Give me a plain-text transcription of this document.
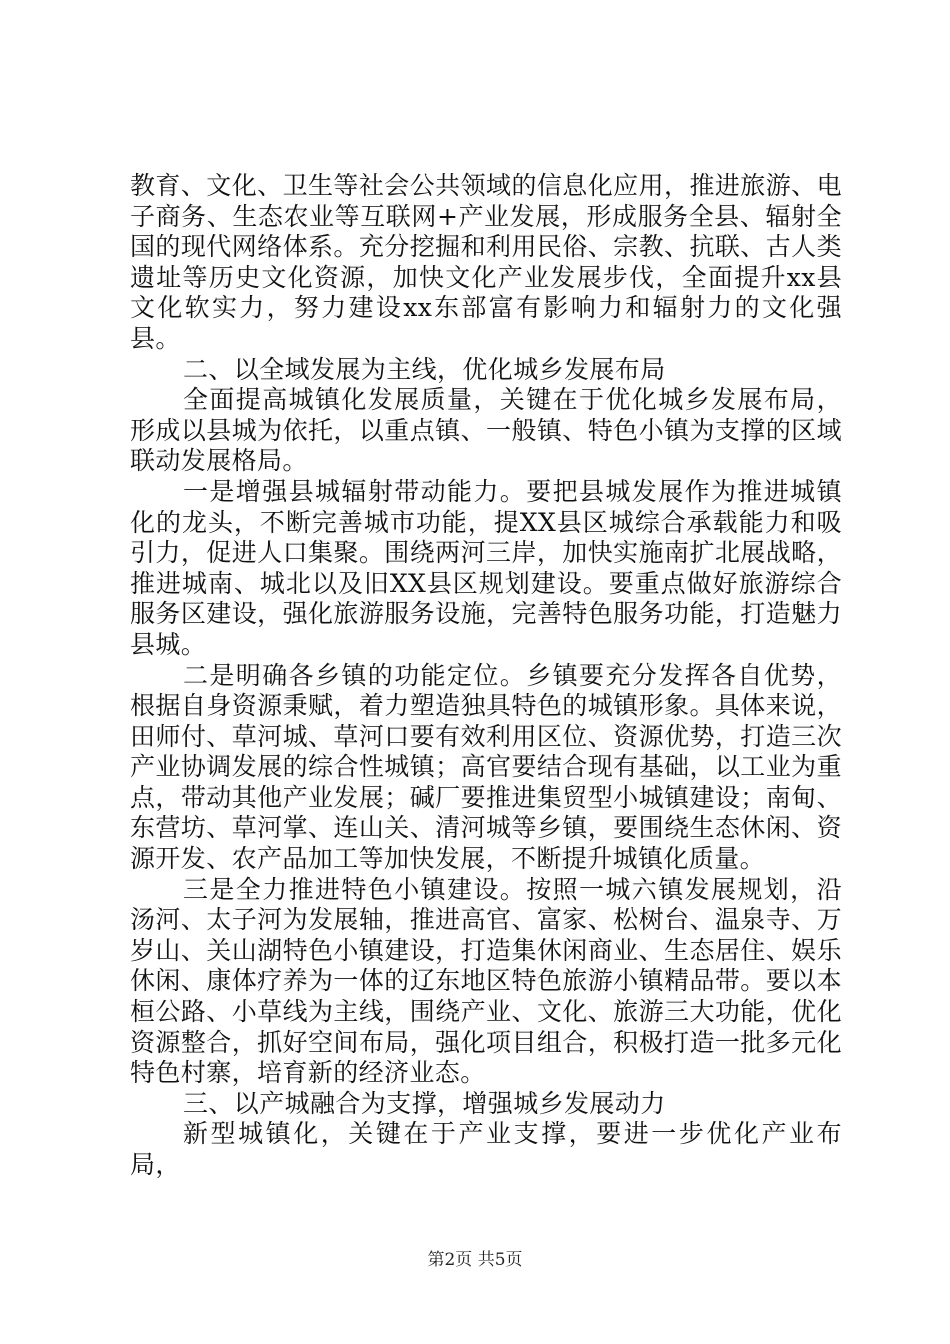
教育、文化、卫生等社会公共领域的信息化应用，推进旅游、电子商务、生态农业等互联网+产业发展，形成服务全县、辐射全国的现代网络体系。充分挖掘和利用民俗、宗教、抗联、古人类遗址等历史文化资源，加快文化产业发展步伐，全面提升xx县文化软实力，努力建设xx东部富有影响力和辐射力的文化强县。

二、以全域发展为主线，优化城乡发展布局

全面提高城镇化发展质量，关键在于优化城乡发展布局，形成以县城为依托，以重点镇、一般镇、特色小镇为支撑的区域联动发展格局。

一是增强县城辐射带动能力。要把县城发展作为推进城镇化的龙头，不断完善城市功能，提XX县区城综合承载能力和吸引力，促进人口集聚。围绕两河三岸，加快实施南扩北展战略，推进城南、城北以及旧XX县区规划建设。要重点做好旅游综合服务区建设，强化旅游服务设施，完善特色服务功能，打造魅力县城。

二是明确各乡镇的功能定位。乡镇要充分发挥各自优势，根据自身资源秉赋，着力塑造独具特色的城镇形象。具体来说，田师付、草河城、草河口要有效利用区位、资源优势，打造三次产业协调发展的综合性城镇；高官要结合现有基础，以工业为重点，带动其他产业发展；碱厂要推进集贸型小城镇建设；南甸、东营坊、草河掌、连山关、清河城等乡镇，要围绕生态休闲、资源开发、农产品加工等加快发展，不断提升城镇化质量。

三是全力推进特色小镇建设。按照一城六镇发展规划，沿汤河、太子河为发展轴，推进高官、富家、松树台、温泉寺、万岁山、关山湖特色小镇建设，打造集休闲商业、生态居住、娱乐休闲、康体疗养为一体的辽东地区特色旅游小镇精品带。要以本桓公路、小草线为主线，围绕产业、文化、旅游三大功能，优化资源整合，抓好空间布局，强化项目组合，积极打造一批多元化特色村寨，培育新的经济业态。

三、以产城融合为支撑，增强城乡发展动力

新型城镇化，关键在于产业支撑，要进一步优化产业布局，

第2页 共5页
